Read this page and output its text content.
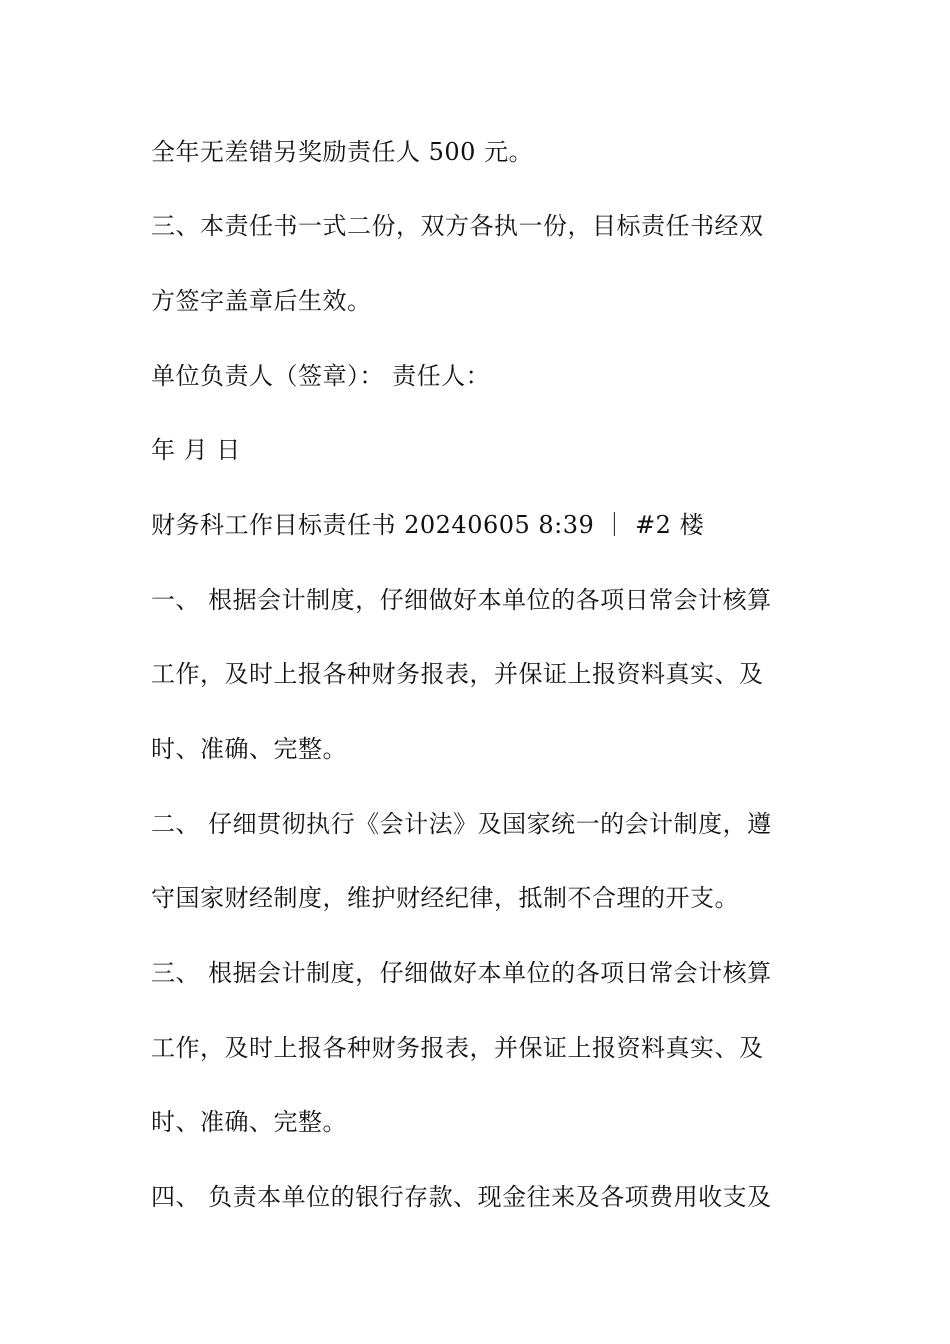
全年无差错另奖励责任人 500 元。
三、本责任书一式二份，双方各执一份，目标责任书经双
方签字盖章后生效。
单位负责人（签章）： 责任人：
年 月 日
财务科工作目标责任书 20240605 8:39 ｜ #2 楼
一、 根据会计制度，仔细做好本单位的各项日常会计核算
工作，及时上报各种财务报表，并保证上报资料真实、及
时、准确、完整。
二、 仔细贯彻执行《会计法》及国家统一的会计制度，遵
守国家财经制度，维护财经纪律，抵制不合理的开支。
三、 根据会计制度，仔细做好本单位的各项日常会计核算
工作，及时上报各种财务报表，并保证上报资料真实、及
时、准确、完整。
四、 负责本单位的银行存款、现金往来及各项费用收支及
